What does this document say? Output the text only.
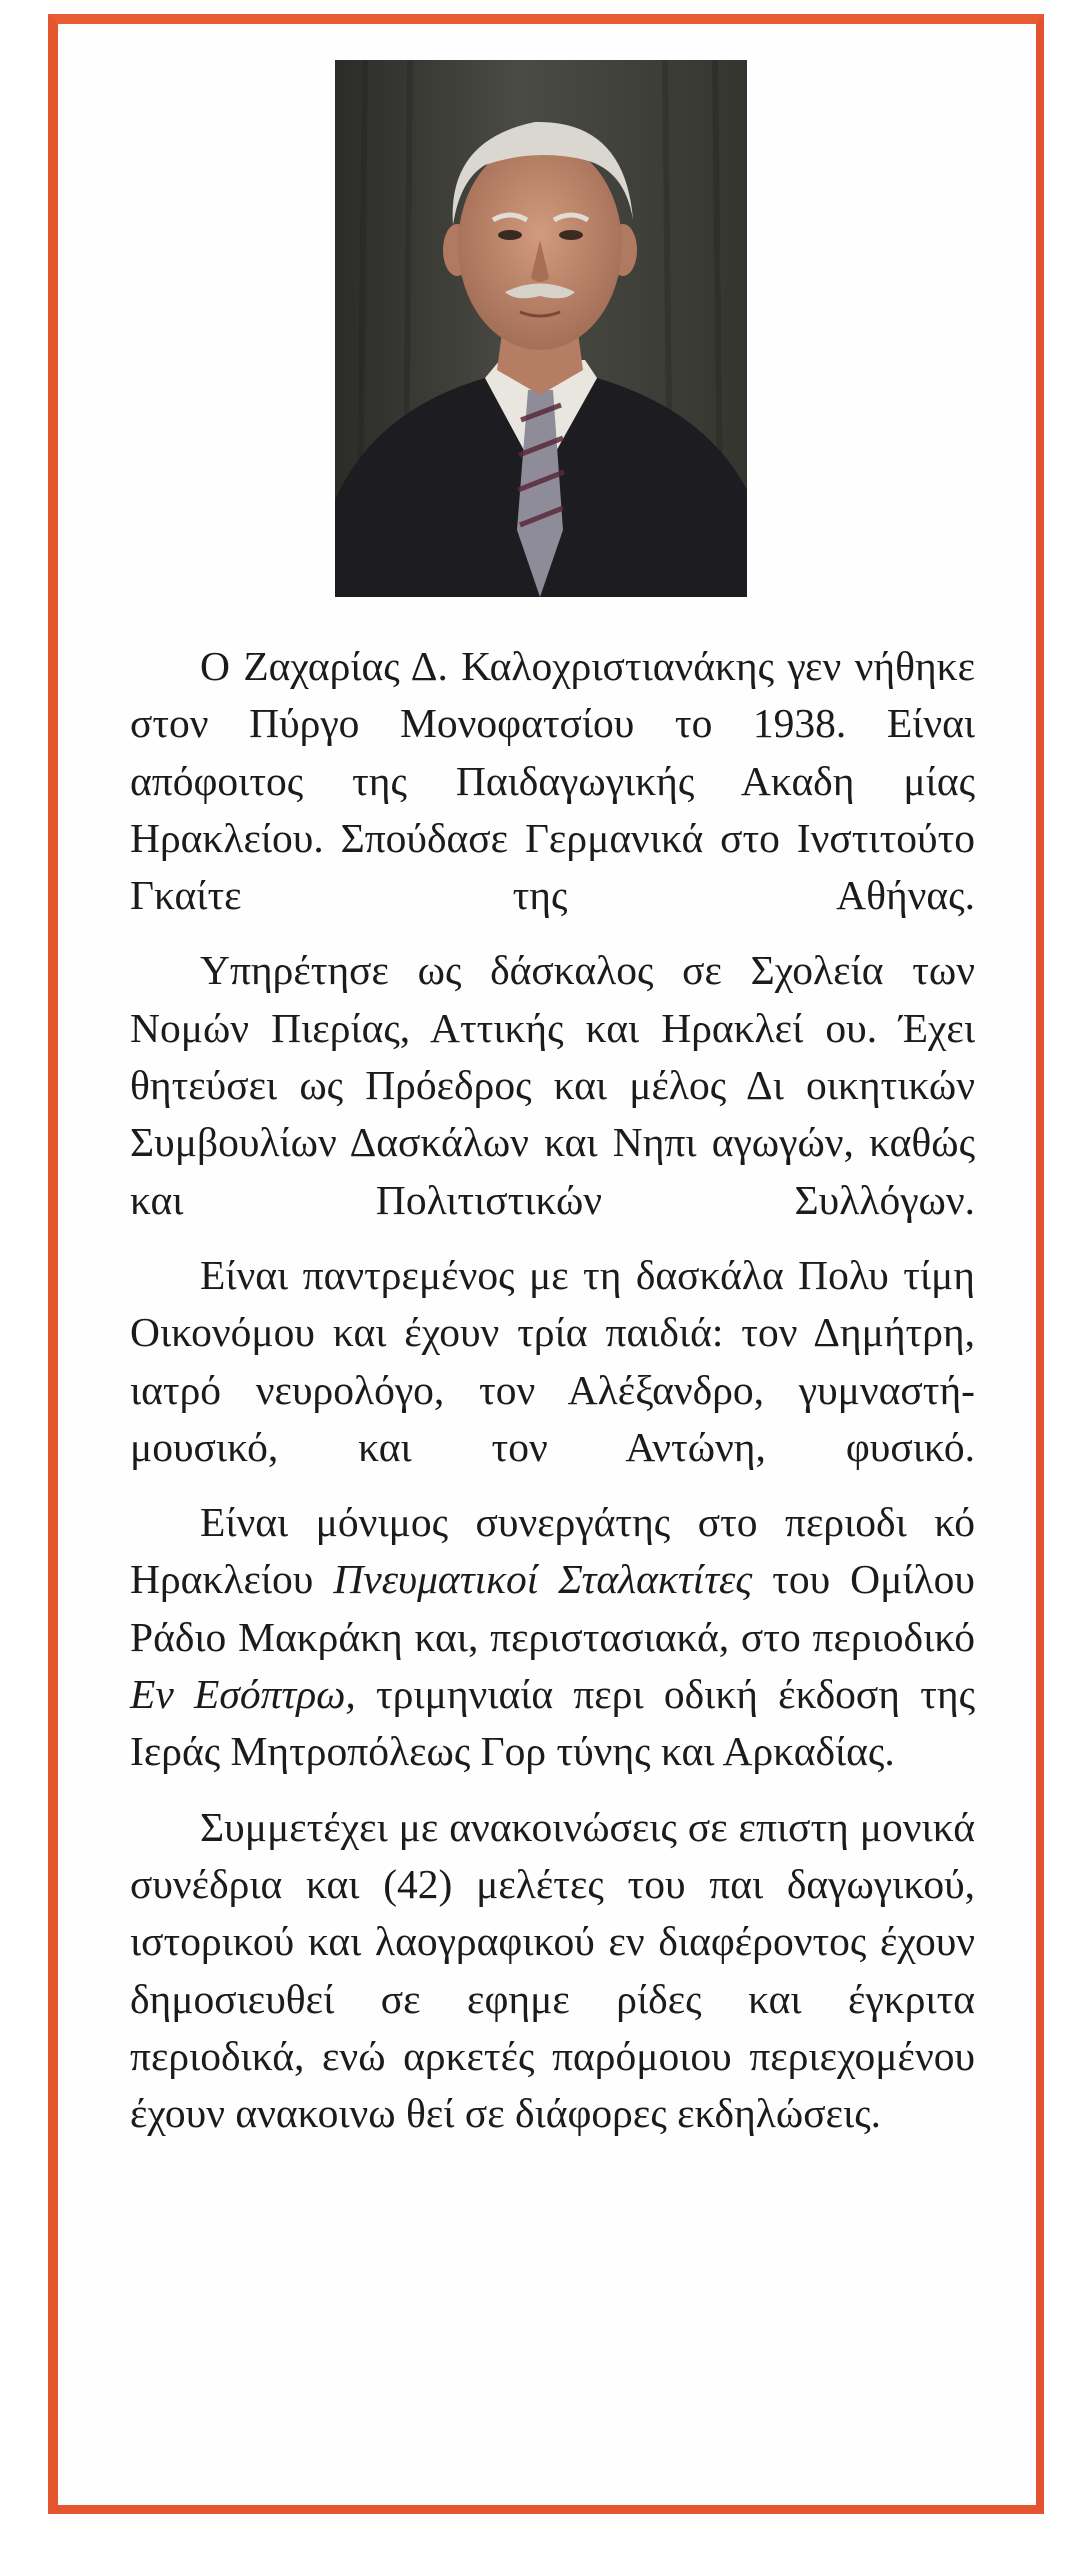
Ο Ζαχαρίας Δ. Καλοχριστιανάκης γεν νήθηκε στον Πύργο Μονοφατσίου το 1938. Είναι απόφοιτος της Παιδαγωγικής Ακαδη μίας Ηρακλείου. Σπούδασε Γερμανικά στο Ινστιτούτο Γκαίτε της Αθήνας.

Υπηρέτησε ως δάσκαλος σε Σχολεία των Νομών Πιερίας, Αττικής και Ηρακλεί ου. Έχει θητεύσει ως Πρόεδρος και μέλος Δι οικητικών Συμβουλίων Δασκάλων και Νηπι αγωγών, καθώς και Πολιτιστικών Συλλόγων.

Είναι παντρεμένος με τη δασκάλα Πολυ τίμη Οικονόμου και έχουν τρία παιδιά: τον Δημήτρη, ιατρό νευρολόγο, τον Αλέξανδρο, γυμναστή-μουσικό, και τον Αντώνη, φυσικό.

Είναι μόνιμος συνεργάτης στο περιοδι κό Ηρακλείου Πνευματικοί Σταλακτίτες του Ομίλου Ράδιο Μακράκη και, περιστασιακά, στο περιοδικό Εν Εσόπτρω, τριμηνιαία περι οδική έκδοση της Ιεράς Μητροπόλεως Γορ τύνης και Αρκαδίας.

Συμμετέχει με ανακοινώσεις σε επιστη μονικά συνέδρια και (42) μελέτες του παι δαγωγικού, ιστορικού και λαογραφικού εν διαφέροντος έχουν δημοσιευθεί σε εφημε ρίδες και έγκριτα περιοδικά, ενώ αρκετές παρόμοιου περιεχομένου έχουν ανακοινω θεί σε διάφορες εκδηλώσεις.
